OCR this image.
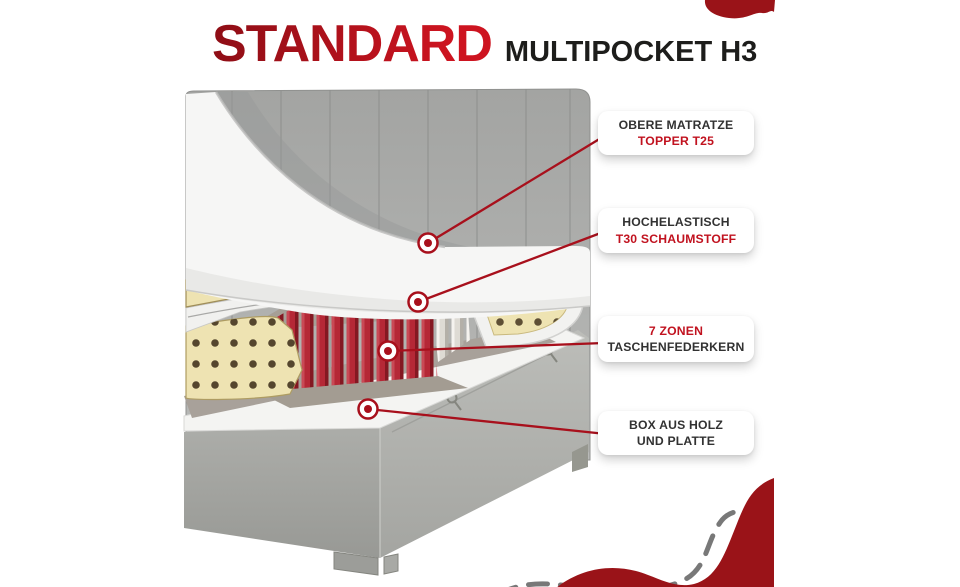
STANDARD MULTIPOCKET H3
OBERE MATRATZE
TOPPER T25
HOCHELASTISCH
T30 SCHAUMSTOFF
7 ZONEN
TASCHENFEDERKERN
BOX AUS HOLZ
UND PLATTE
